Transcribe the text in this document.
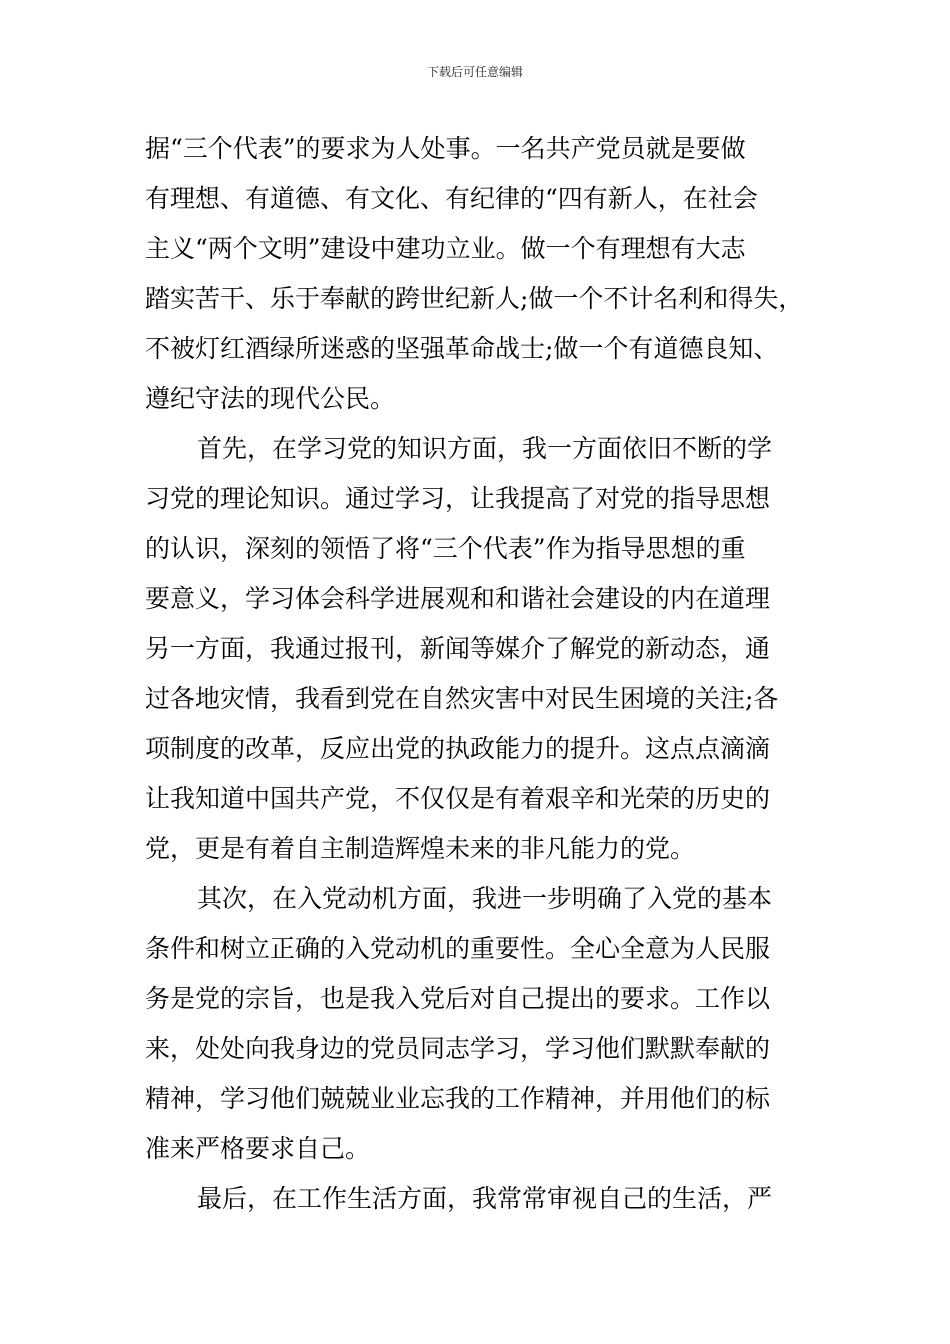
下载后可任意编辑
据“三个代表”的要求为人处事。一名共产党员就是要做
有理想、有道德、有文化、有纪律的“四有新人，在社会
主义“两个文明”建设中建功立业。做一个有理想有大志
踏实苦干、乐于奉献的跨世纪新人;做一个不计名利和得失，
不被灯红酒绿所迷惑的坚强革命战士;做一个有道德良知、
遵纪守法的现代公民。
首先，在学习党的知识方面，我一方面依旧不断的学
习党的理论知识。通过学习，让我提高了对党的指导思想
的认识，深刻的领悟了将“三个代表”作为指导思想的重
要意义，学习体会科学进展观和和谐社会建设的内在道理
另一方面，我通过报刊，新闻等媒介了解党的新动态，通
过各地灾情，我看到党在自然灾害中对民生困境的关注;各
项制度的改革，反应出党的执政能力的提升。这点点滴滴
让我知道中国共产党，不仅仅是有着艰辛和光荣的历史的
党，更是有着自主制造辉煌未来的非凡能力的党。
其次，在入党动机方面，我进一步明确了入党的基本
条件和树立正确的入党动机的重要性。全心全意为人民服
务是党的宗旨，也是我入党后对自己提出的要求。工作以
来，处处向我身边的党员同志学习，学习他们默默奉献的
精神，学习他们兢兢业业忘我的工作精神，并用他们的标
准来严格要求自己。
最后，在工作生活方面，我常常审视自己的生活，严
